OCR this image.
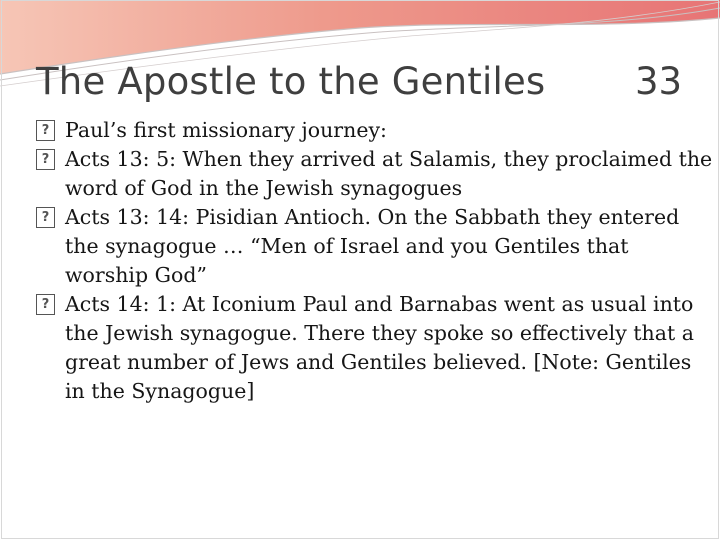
The Apostle to the Gentiles 33
?
Paul’s first missionary journey:
?
Acts 13: 5: When they arrived at Salamis, they proclaimed the word of God in the Jewish synagogues
?
Acts 13: 14: Pisidian Antioch. On the Sabbath they entered the synagogue … “Men of Israel and you Gentiles that worship God”
?
Acts 14: 1: At Iconium Paul and Barnabas went as usual into the Jewish synagogue. There they spoke so effectively that a great number of Jews and Gentiles believed. [Note: Gentiles in the Synagogue]
